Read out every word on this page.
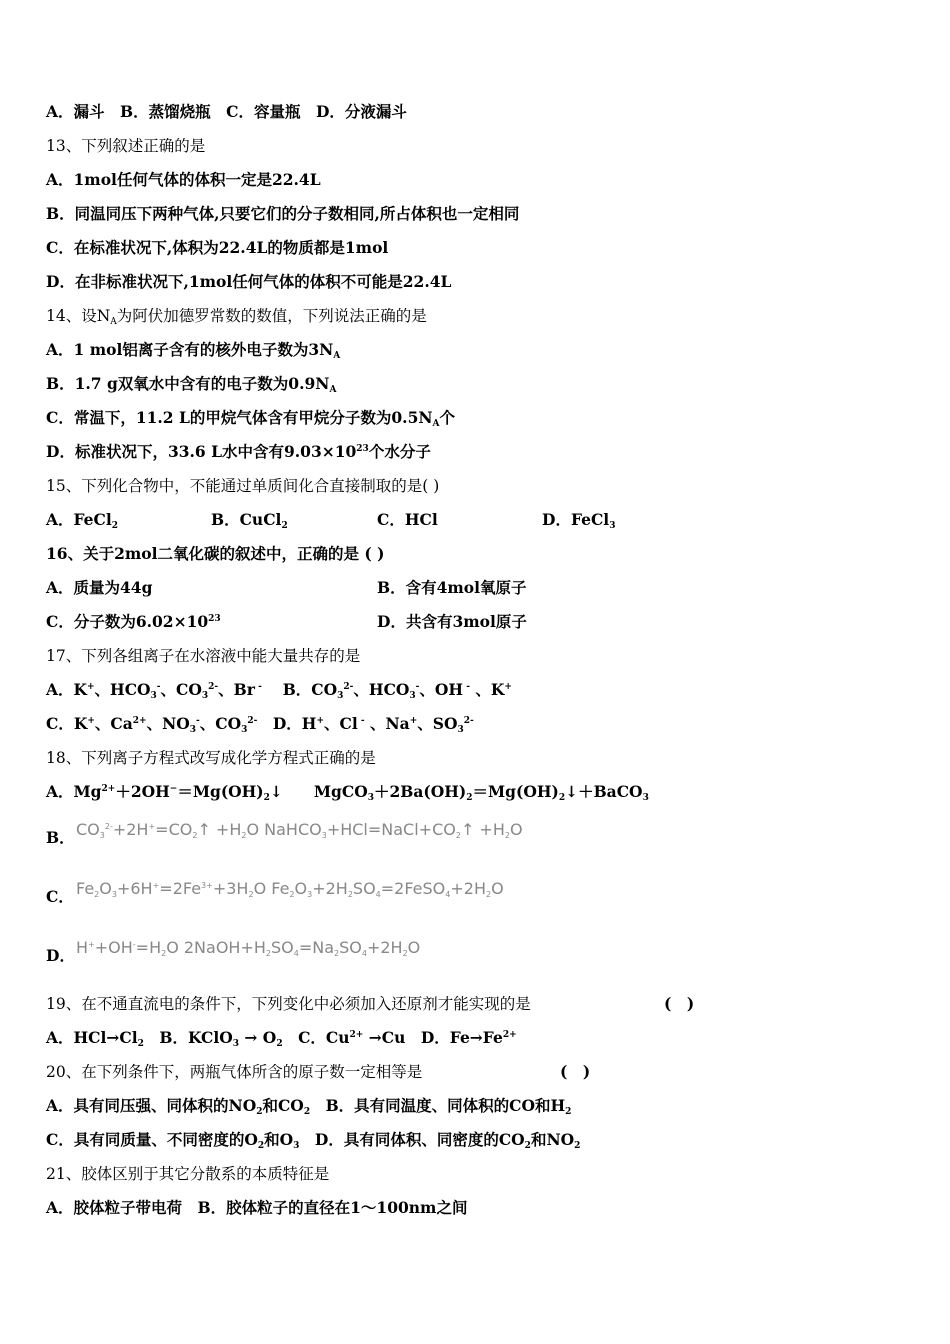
A．漏斗　B．蒸馏烧瓶　C．容量瓶　D．分液漏斗
13、下列叙述正确的是
A．1mol任何气体的体积一定是22.4L
B．同温同压下两种气体,只要它们的分子数相同,所占体积也一定相同
C．在标准状况下,体积为22.4L的物质都是1mol
D．在非标准状况下,1mol任何气体的体积不可能是22.4L
14、设$N_A$为阿伏加德罗常数的数值，下列说法正确的是
A．1 mol铝离子含有的核外电子数为$3N_A$
B．1.7 g双氧水中含有的电子数为$0.9N_A$
C．常温下，11.2 L的甲烷气体含有甲烷分子数为$0.5N_A$个
D．标准状况下，33.6 L水中含有$9.03\times 10^{23}$个水分子
15、下列化合物中，不能通过单质间化合直接制取的是( )
A．FeCl$_2$	B．CuCl$_2$	C．HCl	D．FeCl$_3$
16、关于2mol二氧化碳的叙述中，正确的是 ( )
A．质量为44g	B．含有4mol氧原子
C．分子数为$6.02\times 10^{23}$	D．共含有3mol原子
17、下列各组离子在水溶液中能大量共存的是
A．K+、$HCO_3^-$、$CO_3^{2-}$、Br -　 B．$CO_3^{2-}$、$HCO_3^-$、OH - 、K+
C．K+、$Ca^{2+}$、$NO_3^-$、$CO_3^{2-}$　D．H+、Cl - 、Na+、$SO_3^{2-}$
18、下列离子方程式改写成化学方程式正确的是
A．$Mg^{2+}+2OH^-=Mg(OH)_2↓$　　$MgCO_3+2Ba(OH)_2=Mg(OH)_2↓+BaCO_3$
B． $CO_3^{2-}+2H^+=CO_2↑ +H_2O$ $NaHCO_3+HCl=NaCl+CO_2↑ +H_2O$
C． $Fe_2O_3+6H^+=2Fe^{3+}+3H_2O$ $Fe_2O_3+2H_2SO_4=2FeSO_4+2H_2O$
D． $H^++OH^-=H_2O$ $2NaOH+H_2SO_4=Na_2SO_4+2H_2O$
19、在不通直流电的条件下，下列变化中必须加入还原剂才能实现的是	(　)
A．$HCl\to Cl_2$　B．KClO$_3$ → $O_2$　C．$Cu^{2+} \to Cu$　D．$Fe\to Fe^{2+}$
20、在下列条件下，两瓶气体所含的原子数一定相等是	(　)
A．具有同压强、同体积的$NO_2$和$CO_2$　B．具有同温度、同体积的CO和$H_2$
C．具有同质量、不同密度的$O_2$和$O_3$　D．具有同体积、同密度的$CO_2$和$NO_2$
21、胶体区别于其它分散系的本质特征是
A．胶体粒子带电荷　B．胶体粒子的直径在1～100nm之间
